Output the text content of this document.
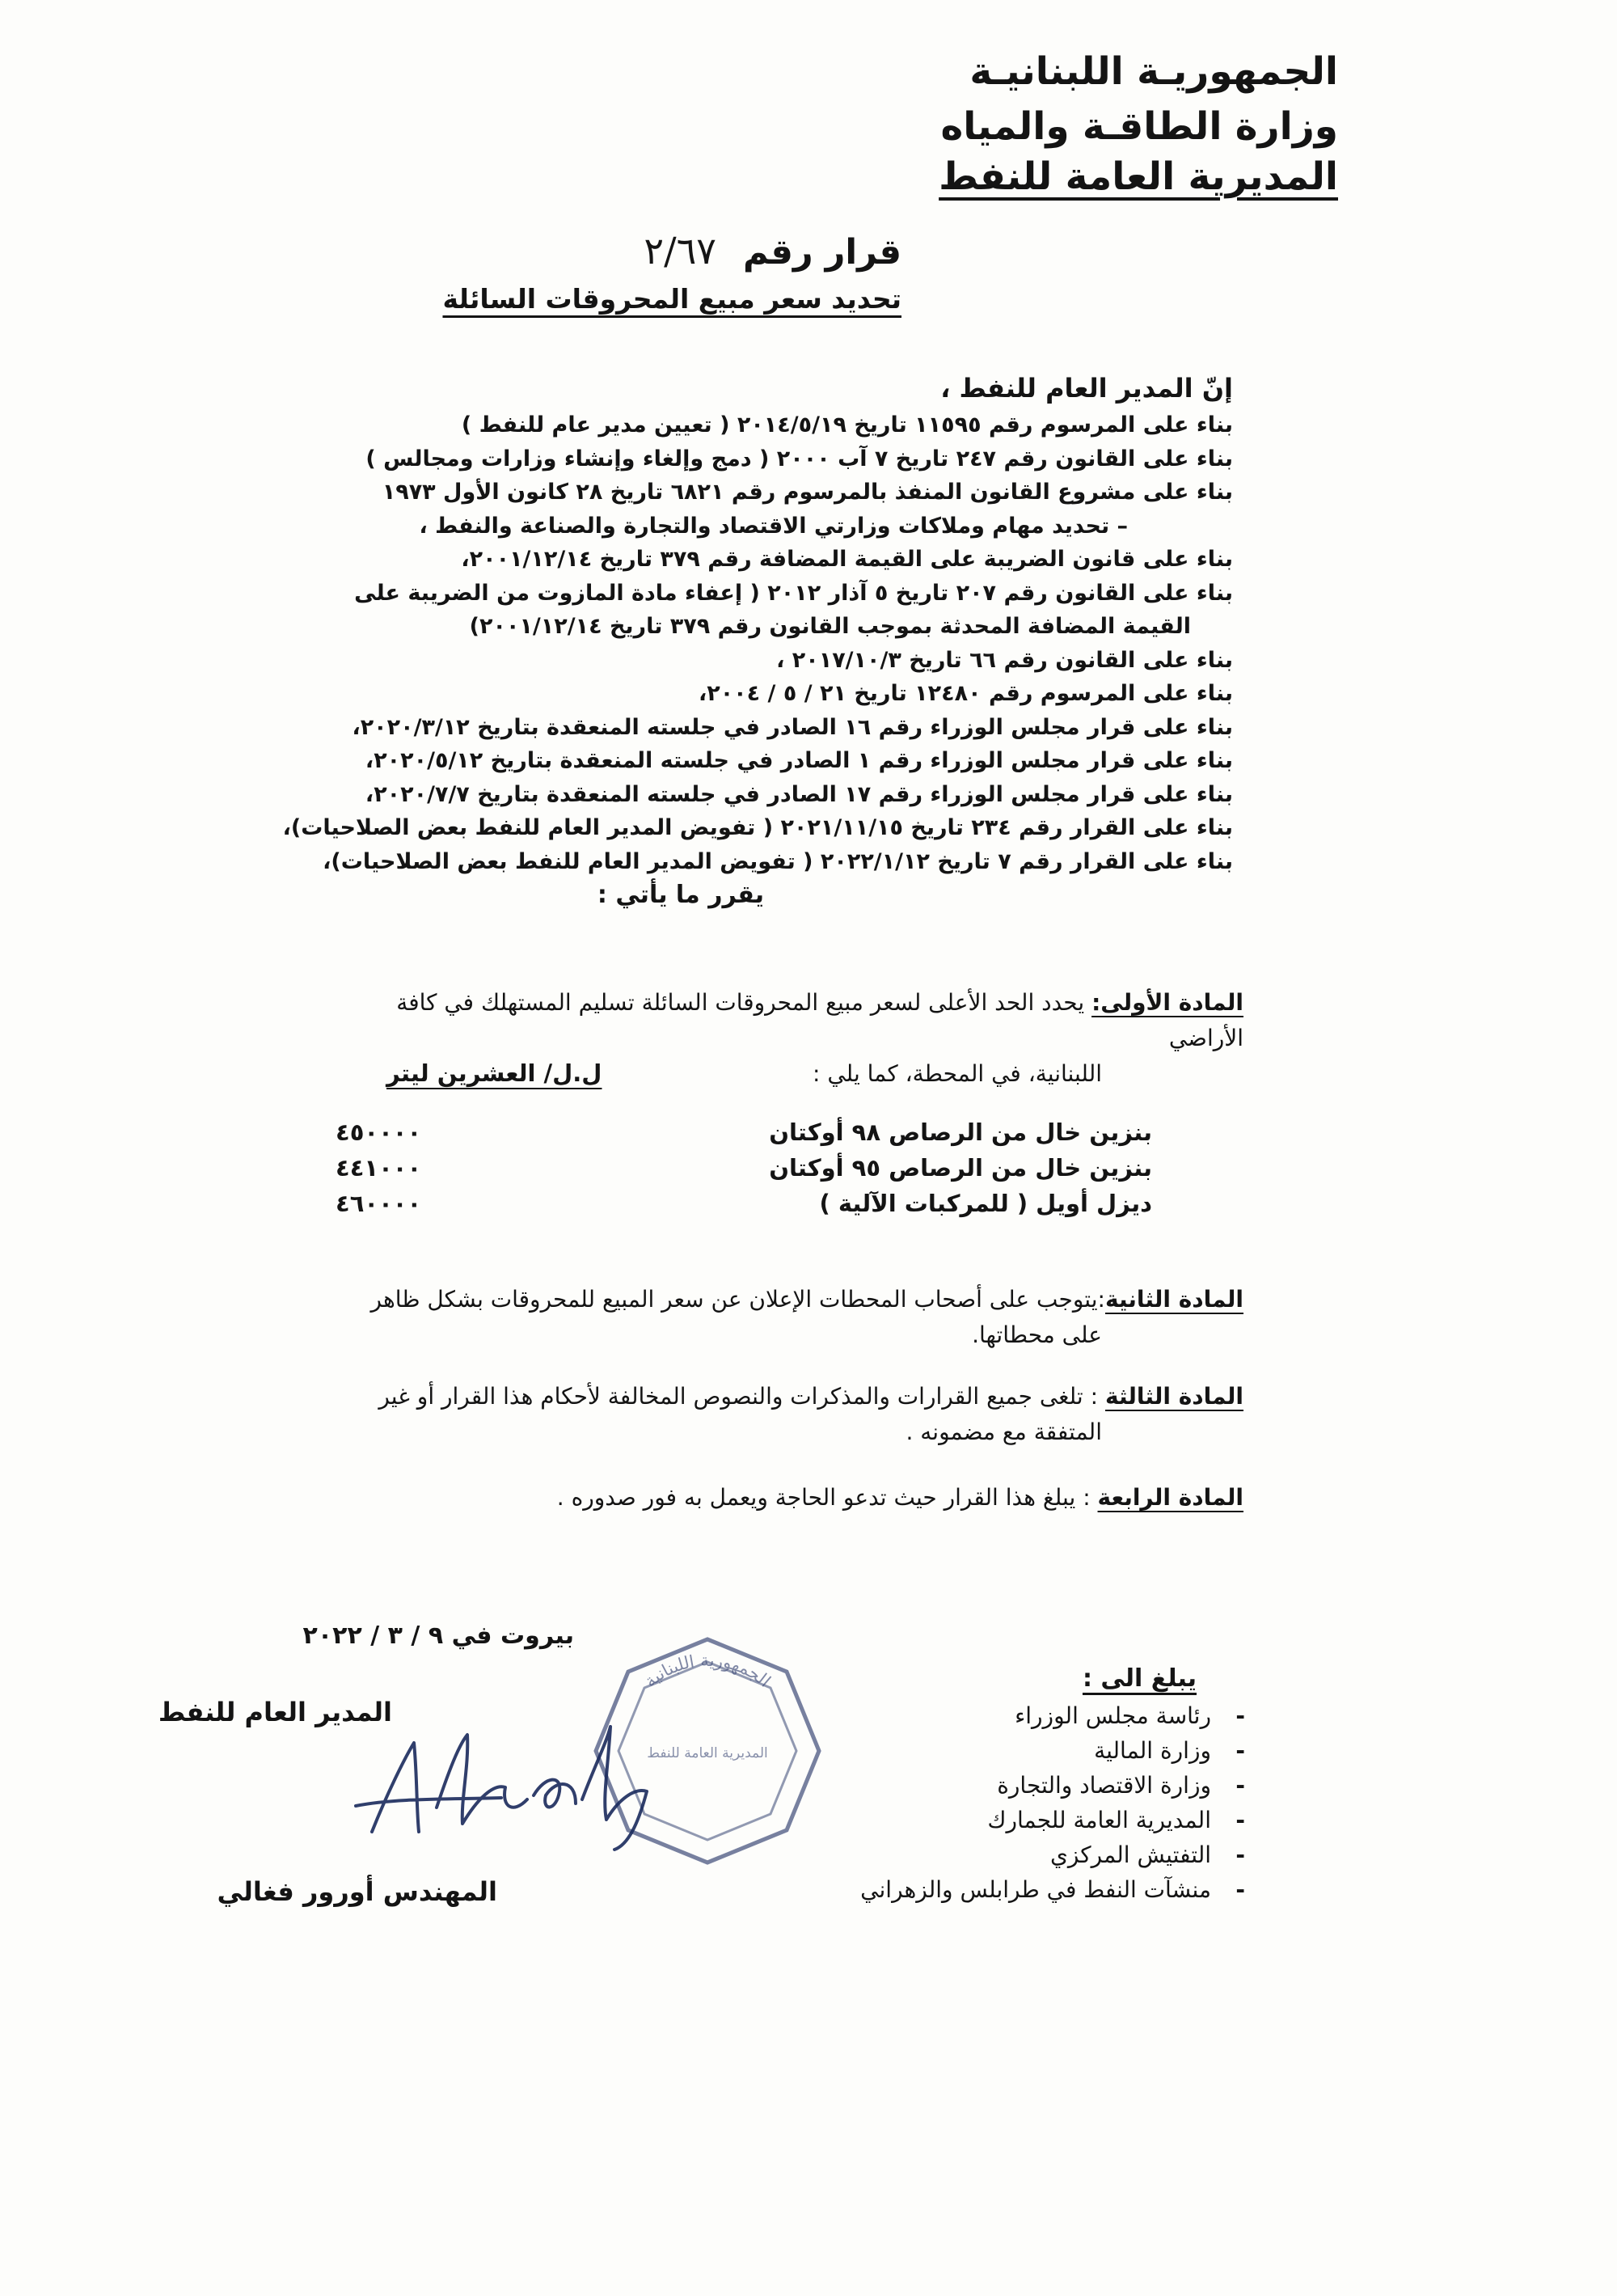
الجمهوريـة اللبنانيـة
وزارة الطاقـة والمياه
المديرية العامة للنفط
قرار رقم ٢/٦٧
تحديد سعر مبيع المحروقات السائلة
إنّ المدير العام للنفط ،
بناء على المرسوم رقم ١١٥٩٥ تاريخ ٢٠١٤/٥/١٩ ( تعيين مدير عام للنفط )
بناء على القانون رقم ٢٤٧ تاريخ ٧ آب ٢٠٠٠ ( دمج وإلغاء وإنشاء وزارات ومجالس )
بناء على مشروع القانون المنفذ بالمرسوم رقم ٦٨٢١ تاريخ ٢٨ كانون الأول ١٩٧٣
– تحديد مهام وملاكات وزارتي الاقتصاد والتجارة والصناعة والنفط ،
بناء على قانون الضريبة على القيمة المضافة رقم ٣٧٩ تاريخ ٢٠٠١/١٢/١٤،
بناء على القانون رقم ٢٠٧ تاريخ ٥ آذار ٢٠١٢ ( إعفاء مادة المازوت من الضريبة على
القيمة المضافة المحدثة بموجب القانون رقم ٣٧٩ تاريخ ٢٠٠١/١٢/١٤)
بناء على القانون رقم ٦٦ تاريخ ٢٠١٧/١٠/٣ ،
بناء على المرسوم رقم ١٢٤٨٠ تاريخ ٢١ / ٥ / ٢٠٠٤،
بناء على قرار مجلس الوزراء رقم ١٦ الصادر في جلسته المنعقدة بتاريخ ٢٠٢٠/٣/١٢،
بناء على قرار مجلس الوزراء رقم ١ الصادر في جلسته المنعقدة بتاريخ ٢٠٢٠/٥/١٢،
بناء على قرار مجلس الوزراء رقم ١٧ الصادر في جلسته المنعقدة بتاريخ ٢٠٢٠/٧/٧،
بناء على القرار رقم ٢٣٤ تاريخ ٢٠٢١/١١/١٥ ( تفويض المدير العام للنفط بعض الصلاحيات)،
بناء على القرار رقم ٧ تاريخ ٢٠٢٢/١/١٢ ( تفويض المدير العام للنفط بعض الصلاحيات)،
يقرر ما يأتي :
المادة الأولى: يحدد الحد الأعلى لسعر مبيع المحروقات السائلة تسليم المستهلك في كافة الأراضي
اللبنانية، في المحطة، كما يلي :
ل.ل/ العشرين ليتر
بنزين خال من الرصاص ٩٨ أوكتان
٤٥٠٠٠٠
بنزين خال من الرصاص ٩٥ أوكتان
٤٤١٠٠٠
ديزل أويل ( للمركبات الآلية )
٤٦٠٠٠٠
المادة الثانية:يتوجب على أصحاب المحطات الإعلان عن سعر المبيع للمحروقات بشكل ظاهر
على محطاتها.
المادة الثالثة : تلغى جميع القرارات والمذكرات والنصوص المخالفة لأحكام هذا القرار أو غير
المتفقة مع مضمونه .
المادة الرابعة : يبلغ هذا القرار حيث تدعو الحاجة ويعمل به فور صدوره .
بيروت في ٩ / ٣ / ٢٠٢٢
المدير العام للنفط
المهندس أورور فغالي
الجمهورية اللبنانية
المديرية العامة للنفط
يبلغ الى :
-
رئاسة مجلس الوزراء
-
وزارة المالية
-
وزارة الاقتصاد والتجارة
-
المديرية العامة للجمارك
-
التفتيش المركزي
-
منشآت النفط في طرابلس والزهراني
